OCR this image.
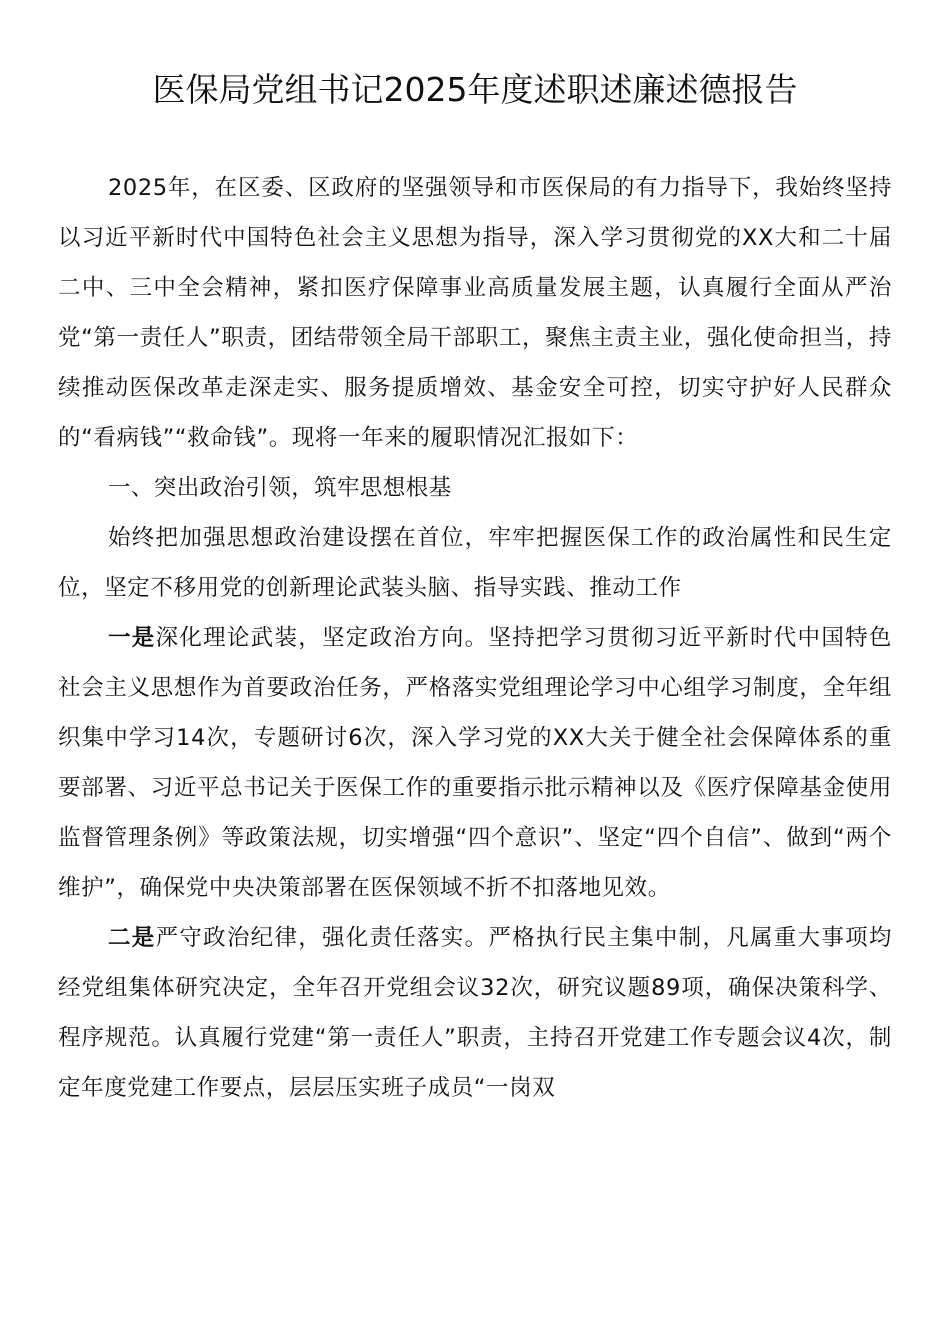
医保局党组书记2025年度述职述廉述德报告

2025年，在区委、区政府的坚强领导和市医保局的有力指导下，我始终坚持以习近平新时代中国特色社会主义思想为指导，深入学习贯彻党的XX大和二十届二中、三中全会精神，紧扣医疗保障事业高质量发展主题，认真履行全面从严治党“第一责任人”职责，团结带领全局干部职工，聚焦主责主业，强化使命担当，持续推动医保改革走深走实、服务提质增效、基金安全可控，切实守护好人民群众的“看病钱”“救命钱”。现将一年来的履职情况汇报如下：

一、突出政治引领，筑牢思想根基

始终把加强思想政治建设摆在首位，牢牢把握医保工作的政治属性和民生定位，坚定不移用党的创新理论武装头脑、指导实践、推动工作

一是深化理论武装，坚定政治方向。坚持把学习贯彻习近平新时代中国特色社会主义思想作为首要政治任务，严格落实党组理论学习中心组学习制度，全年组织集中学习14次，专题研讨6次，深入学习党的XX大关于健全社会保障体系的重要部署、习近平总书记关于医保工作的重要指示批示精神以及《医疗保障基金使用监督管理条例》等政策法规，切实增强“四个意识”、坚定“四个自信”、做到“两个维护”，确保党中央决策部署在医保领域不折不扣落地见效。

二是严守政治纪律，强化责任落实。严格执行民主集中制，凡属重大事项均经党组集体研究决定，全年召开党组会议32次，研究议题89项，确保决策科学、程序规范。认真履行党建“第一责任人”职责，主持召开党建工作专题会议4次，制定年度党建工作要点，层层压实班子成员“一岗双
